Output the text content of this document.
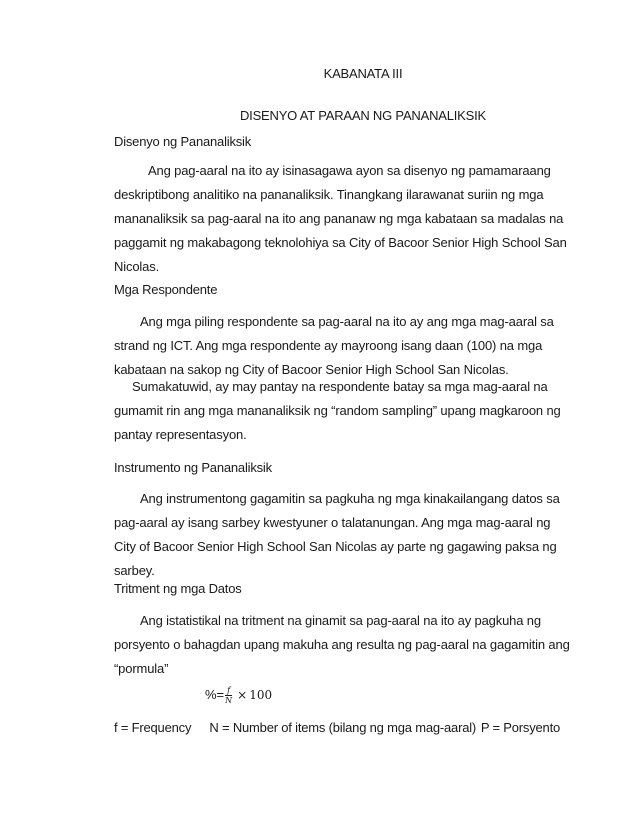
KABANATA III
DISENYO AT PARAAN NG PANANALIKSIK
Disenyo ng Pananaliksik
Ang pag-aaral na ito ay isinasagawa ayon sa disenyo ng pamamaraang
deskriptibong analitiko na pananaliksik. Tinangkang ilarawanat suriin ng mga
mananaliksik sa pag-aaral na ito ang pananaw ng mga kabataan sa madalas na
paggamit ng makabagong teknolohiya sa City of Bacoor Senior High School San
Nicolas.
Mga Respondente
Ang mga piling respondente sa pag-aaral na ito ay ang mga mag-aaral sa
strand ng ICT. Ang mga respondente ay mayroong isang daan (100) na mga
kabataan na sakop ng City of Bacoor Senior High School San Nicolas.
Sumakatuwid, ay may pantay na respondente batay sa mga mag-aaral na
gumamit rin ang mga mananaliksik ng “random sampling” upang magkaroon ng
pantay representasyon.
Instrumento ng Pananaliksik
Ang instrumentong gagamitin sa pagkuha ng mga kinakailangang datos sa
pag-aaral ay isang sarbey kwestyuner o talatanungan. Ang mga mag-aaral ng
City of Bacoor Senior High School San Nicolas ay parte ng gagawing paksa ng
sarbey.
Tritment ng mga Datos
Ang istatistikal na tritment na ginamit sa pag-aaral na ito ay pagkuha ng
porsyento o bahagdan upang makuha ang resulta ng pag-aaral na gagamitin ang
“pormula”
%= $\frac{f}{N} \times 100$
f = Frequency N = Number of items (bilang ng mga mag-aaral) P = Porsyento
